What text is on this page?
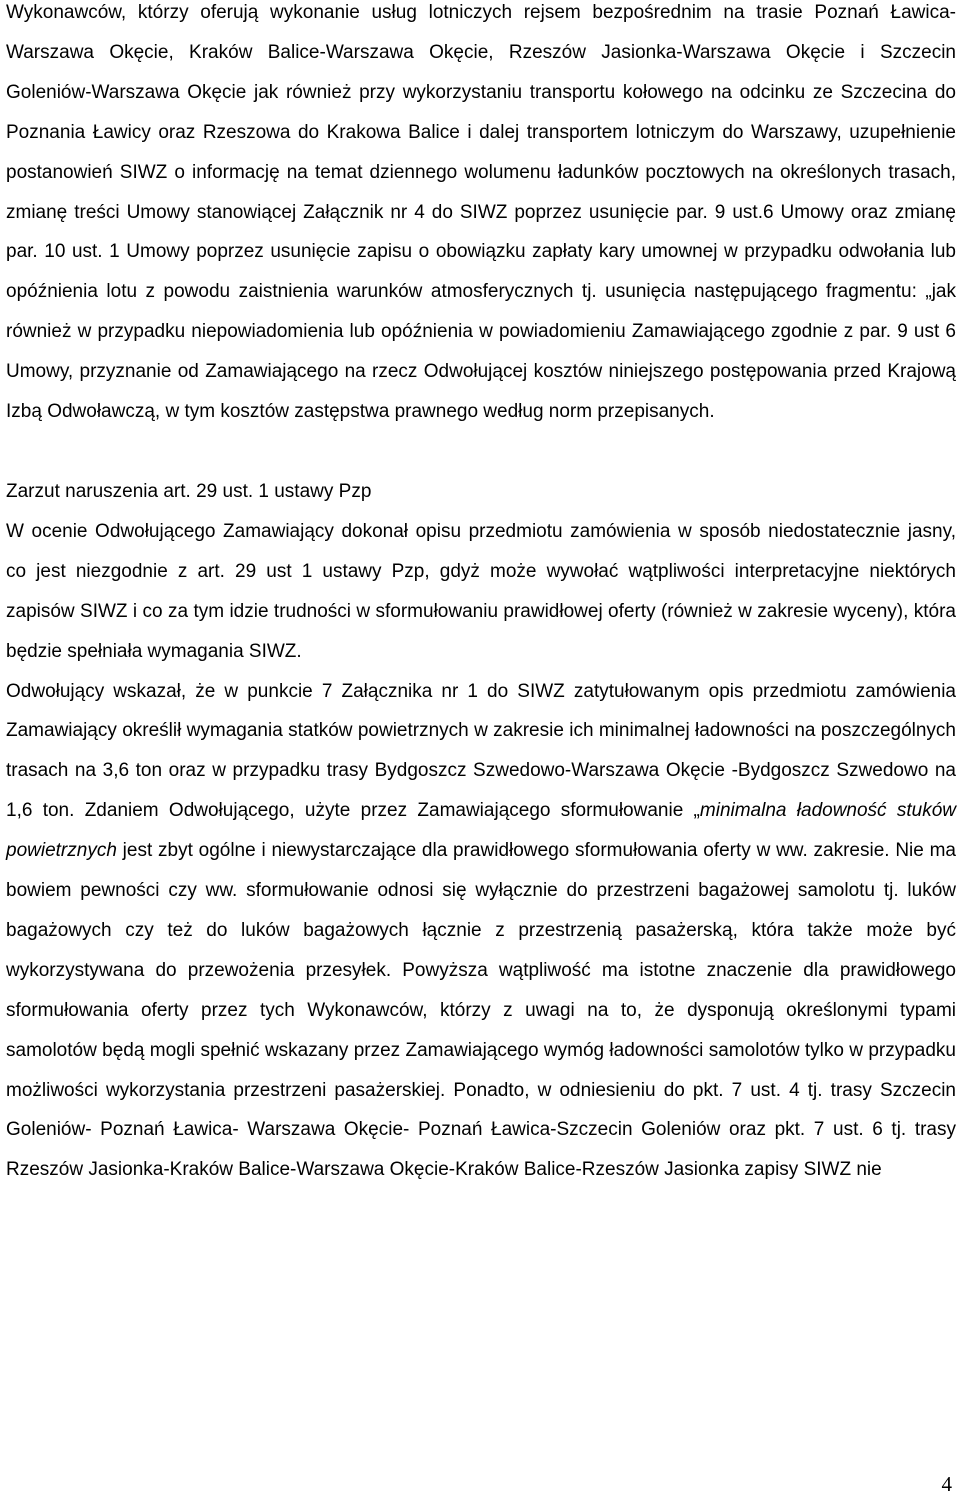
Wykonawców, którzy oferują wykonanie usług lotniczych rejsem bezpośrednim na trasie Poznań Ławica-Warszawa Okęcie, Kraków Balice-Warszawa Okęcie, Rzeszów Jasionka-Warszawa Okęcie i Szczecin Goleniów-Warszawa Okęcie jak również przy wykorzystaniu transportu kołowego na odcinku ze Szczecina do Poznania Ławicy oraz Rzeszowa do Krakowa Balice i dalej transportem lotniczym do Warszawy, uzupełnienie postanowień SIWZ o informację na temat dziennego wolumenu ładunków pocztowych na określonych trasach, zmianę treści Umowy stanowiącej Załącznik nr 4 do SIWZ poprzez usunięcie par. 9 ust.6 Umowy oraz zmianę par. 10 ust. 1 Umowy poprzez usunięcie zapisu o obowiązku zapłaty kary umownej w przypadku odwołania lub opóźnienia lotu z powodu zaistnienia warunków atmosferycznych tj. usunięcia następującego fragmentu: „jak również w przypadku niepowiadomienia lub opóźnienia w powiadomieniu Zamawiającego zgodnie z par. 9 ust 6 Umowy, przyznanie od Zamawiającego na rzecz Odwołującej kosztów niniejszego postępowania przed Krajową Izbą Odwoławczą, w tym kosztów zastępstwa prawnego według norm przepisanych.

Zarzut naruszenia art. 29 ust. 1 ustawy Pzp

W ocenie Odwołującego Zamawiający dokonał opisu przedmiotu zamówienia w sposób niedostatecznie jasny, co jest niezgodnie z art. 29 ust 1 ustawy Pzp, gdyż może wywołać wątpliwości interpretacyjne niektórych zapisów SIWZ i co za tym idzie trudności w sformułowaniu prawidłowej oferty (również w zakresie wyceny), która będzie spełniała wymagania SIWZ.

Odwołujący wskazał, że w punkcie 7 Załącznika nr 1 do SIWZ zatytułowanym opis przedmiotu zamówienia Zamawiający określił wymagania statków powietrznych w zakresie ich minimalnej ładowności na poszczególnych trasach na 3,6 ton oraz w przypadku trasy Bydgoszcz Szwedowo-Warszawa Okęcie -Bydgoszcz Szwedowo na 1,6 ton. Zdaniem Odwołującego, użyte przez Zamawiającego sformułowanie „minimalna ładowność stuków powietrznych jest zbyt ogólne i niewystarczające dla prawidłowego sformułowania oferty w ww. zakresie. Nie ma bowiem pewności czy ww. sformułowanie odnosi się wyłącznie do przestrzeni bagażowej samolotu tj. luków bagażowych czy też do luków bagażowych łącznie z przestrzenią pasażerską, która także może być wykorzystywana do przewożenia przesyłek. Powyższa wątpliwość ma istotne znaczenie dla prawidłowego sformułowania oferty przez tych Wykonawców, którzy z uwagi na to, że dysponują określonymi typami samolotów będą mogli spełnić wskazany przez Zamawiającego wymóg ładowności samolotów tylko w przypadku możliwości wykorzystania przestrzeni pasażerskiej. Ponadto, w odniesieniu do pkt. 7 ust. 4 tj. trasy Szczecin Goleniów- Poznań Ławica- Warszawa Okęcie- Poznań Ławica-Szczecin Goleniów oraz pkt. 7 ust. 6 tj. trasy Rzeszów Jasionka-Kraków Balice-Warszawa Okęcie-Kraków Balice-Rzeszów Jasionka zapisy SIWZ nie

4
